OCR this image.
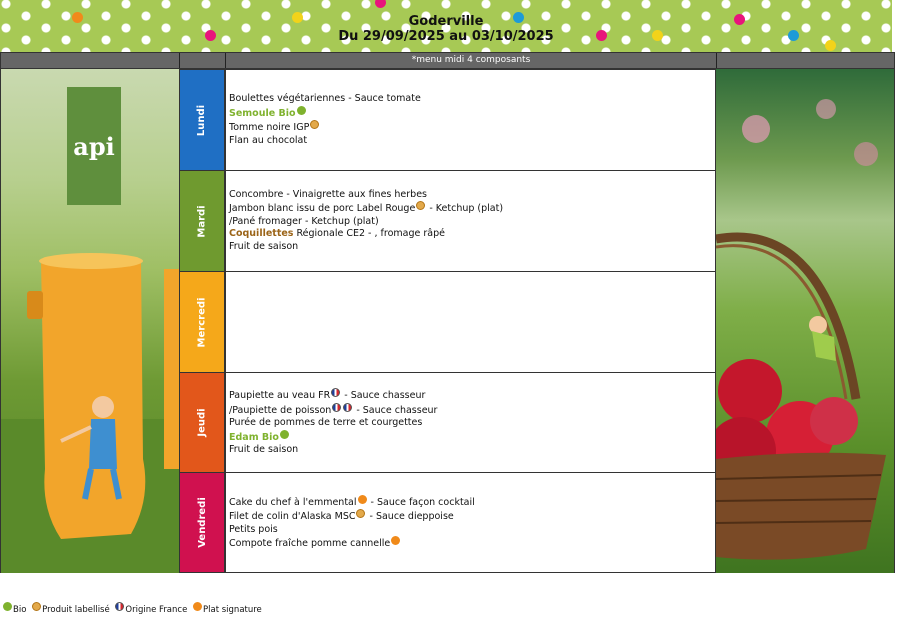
Goderville
Du 29/09/2025 au 03/10/2025
*menu midi 4 composants
api
Lundi
Mardi
Mercredi
Jeudi
Vendredi
Boulettes végétariennes - Sauce tomate
Semoule Bio
Tomme noire IGP
Flan au chocolat
Concombre - Vinaigrette aux fines herbes
Jambon blanc issu de porc Label Rouge - Ketchup (plat)
/Pané fromager - Ketchup (plat)
Coquillettes Régionale CE2 - , fromage râpé
Fruit de saison
Paupiette au veau FR - Sauce chasseur
/Paupiette de poisson - Sauce chasseur
Purée de pommes de terre et courgettes
Edam Bio
Fruit de saison
Cake du chef à l'emmental - Sauce façon cocktail
Filet de colin d'Alaska MSC - Sauce dieppoise
Petits pois
Compote fraîche pomme cannelle
Bio Produit labellisé Origine France Plat signature
